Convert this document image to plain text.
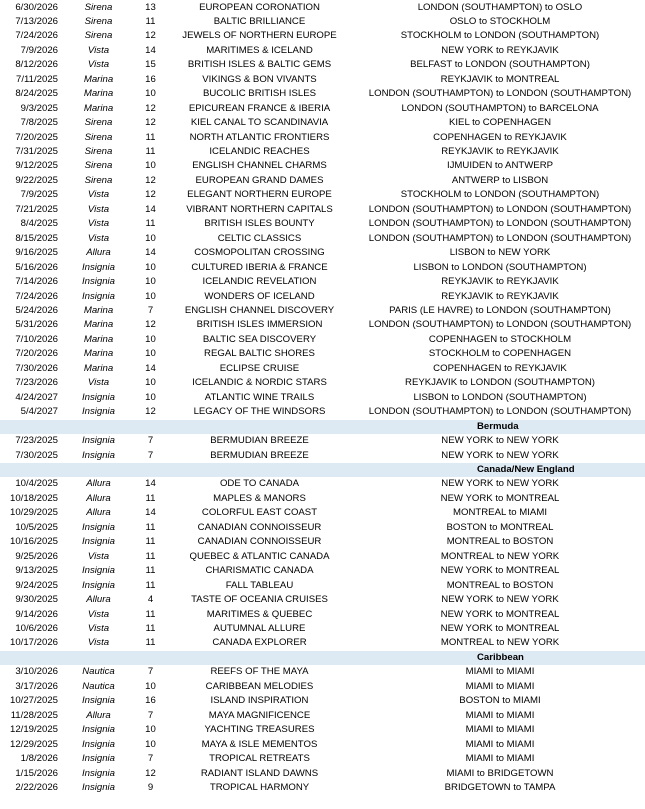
6/30/2026	Sirena	13	EUROPEAN CORONATION	LONDON (SOUTHAMPTON) to OSLO
7/13/2026	Sirena	11	BALTIC BRILLIANCE	OSLO to STOCKHOLM
7/24/2026	Sirena	12	JEWELS OF NORTHERN EUROPE	STOCKHOLM to LONDON (SOUTHAMPTON)
7/9/2026	Vista	14	MARITIMES & ICELAND	NEW YORK to REYKJAVIK
8/12/2026	Vista	15	BRITISH ISLES & BALTIC GEMS	BELFAST to LONDON (SOUTHAMPTON)
7/11/2025	Marina	16	VIKINGS & BON VIVANTS	REYKJAVIK to MONTREAL
8/24/2025	Marina	10	BUCOLIC BRITISH ISLES	LONDON (SOUTHAMPTON) to LONDON (SOUTHAMPTON)
9/3/2025	Marina	12	EPICUREAN FRANCE & IBERIA	LONDON (SOUTHAMPTON) to BARCELONA
7/8/2025	Sirena	12	KIEL CANAL TO SCANDINAVIA	KIEL to COPENHAGEN
7/20/2025	Sirena	11	NORTH ATLANTIC FRONTIERS	COPENHAGEN to REYKJAVIK
7/31/2025	Sirena	11	ICELANDIC REACHES	REYKJAVIK to REYKJAVIK
9/12/2025	Sirena	10	ENGLISH CHANNEL CHARMS	IJMUIDEN to ANTWERP
9/22/2025	Sirena	12	EUROPEAN GRAND DAMES	ANTWERP to LISBON
7/9/2025	Vista	12	ELEGANT NORTHERN EUROPE	STOCKHOLM to LONDON (SOUTHAMPTON)
7/21/2025	Vista	14	VIBRANT NORTHERN CAPITALS	LONDON (SOUTHAMPTON) to LONDON (SOUTHAMPTON)
8/4/2025	Vista	11	BRITISH ISLES BOUNTY	LONDON (SOUTHAMPTON) to LONDON (SOUTHAMPTON)
8/15/2025	Vista	10	CELTIC CLASSICS	LONDON (SOUTHAMPTON) to LONDON (SOUTHAMPTON)
9/16/2025	Allura	14	COSMOPOLITAN CROSSING	LISBON to NEW YORK
5/16/2026	Insignia	10	CULTURED IBERIA & FRANCE	LISBON to LONDON (SOUTHAMPTON)
7/14/2026	Insignia	10	ICELANDIC REVELATION	REYKJAVIK to REYKJAVIK
7/24/2026	Insignia	10	WONDERS OF ICELAND	REYKJAVIK to REYKJAVIK
5/24/2026	Marina	7	ENGLISH CHANNEL DISCOVERY	PARIS (LE HAVRE) to LONDON (SOUTHAMPTON)
5/31/2026	Marina	12	BRITISH ISLES IMMERSION	LONDON (SOUTHAMPTON) to LONDON (SOUTHAMPTON)
7/10/2026	Marina	10	BALTIC SEA DISCOVERY	COPENHAGEN to STOCKHOLM
7/20/2026	Marina	10	REGAL BALTIC SHORES	STOCKHOLM to COPENHAGEN
7/30/2026	Marina	14	ECLIPSE CRUISE	COPENHAGEN to REYKJAVIK
7/23/2026	Vista	10	ICELANDIC & NORDIC STARS	REYKJAVIK to LONDON (SOUTHAMPTON)
4/24/2027	Insignia	10	ATLANTIC WINE TRAILS	LISBON to LONDON (SOUTHAMPTON)
5/4/2027	Insignia	12	LEGACY OF THE WINDSORS	LONDON (SOUTHAMPTON) to LONDON (SOUTHAMPTON)
				Bermuda
7/23/2025	Insignia	7	BERMUDIAN BREEZE	NEW YORK to NEW YORK
7/30/2025	Insignia	7	BERMUDIAN BREEZE	NEW YORK to NEW YORK
				Canada/New England
10/4/2025	Allura	14	ODE TO CANADA	NEW YORK to NEW YORK
10/18/2025	Allura	11	MAPLES & MANORS	NEW YORK to MONTREAL
10/29/2025	Allura	14	COLORFUL EAST COAST	MONTREAL to MIAMI
10/5/2025	Insignia	11	CANADIAN CONNOISSEUR	BOSTON to MONTREAL
10/16/2025	Insignia	11	CANADIAN CONNOISSEUR	MONTREAL to BOSTON
9/25/2026	Vista	11	QUEBEC & ATLANTIC CANADA	MONTREAL to NEW YORK
9/13/2025	Insignia	11	CHARISMATIC CANADA	NEW YORK to MONTREAL
9/24/2025	Insignia	11	FALL TABLEAU	MONTREAL to BOSTON
9/30/2025	Allura	4	TASTE OF OCEANIA CRUISES	NEW YORK to NEW YORK
9/14/2026	Vista	11	MARITIMES & QUEBEC	NEW YORK to MONTREAL
10/6/2026	Vista	11	AUTUMNAL ALLURE	NEW YORK to MONTREAL
10/17/2026	Vista	11	CANADA EXPLORER	MONTREAL to NEW YORK
				Caribbean
3/10/2026	Nautica	7	REEFS OF THE MAYA	MIAMI to MIAMI
3/17/2026	Nautica	10	CARIBBEAN MELODIES	MIAMI to MIAMI
10/27/2025	Insignia	16	ISLAND INSPIRATION	BOSTON to MIAMI
11/28/2025	Allura	7	MAYA MAGNIFICENCE	MIAMI to MIAMI
12/19/2025	Insignia	10	YACHTING TREASURES	MIAMI to MIAMI
12/29/2025	Insignia	10	MAYA & ISLE MEMENTOS	MIAMI to MIAMI
1/8/2026	Insignia	7	TROPICAL RETREATS	MIAMI to MIAMI
1/15/2026	Insignia	12	RADIANT ISLAND DAWNS	MIAMI to BRIDGETOWN
2/22/2026	Insignia	9	TROPICAL HARMONY	BRIDGETOWN to TAMPA
